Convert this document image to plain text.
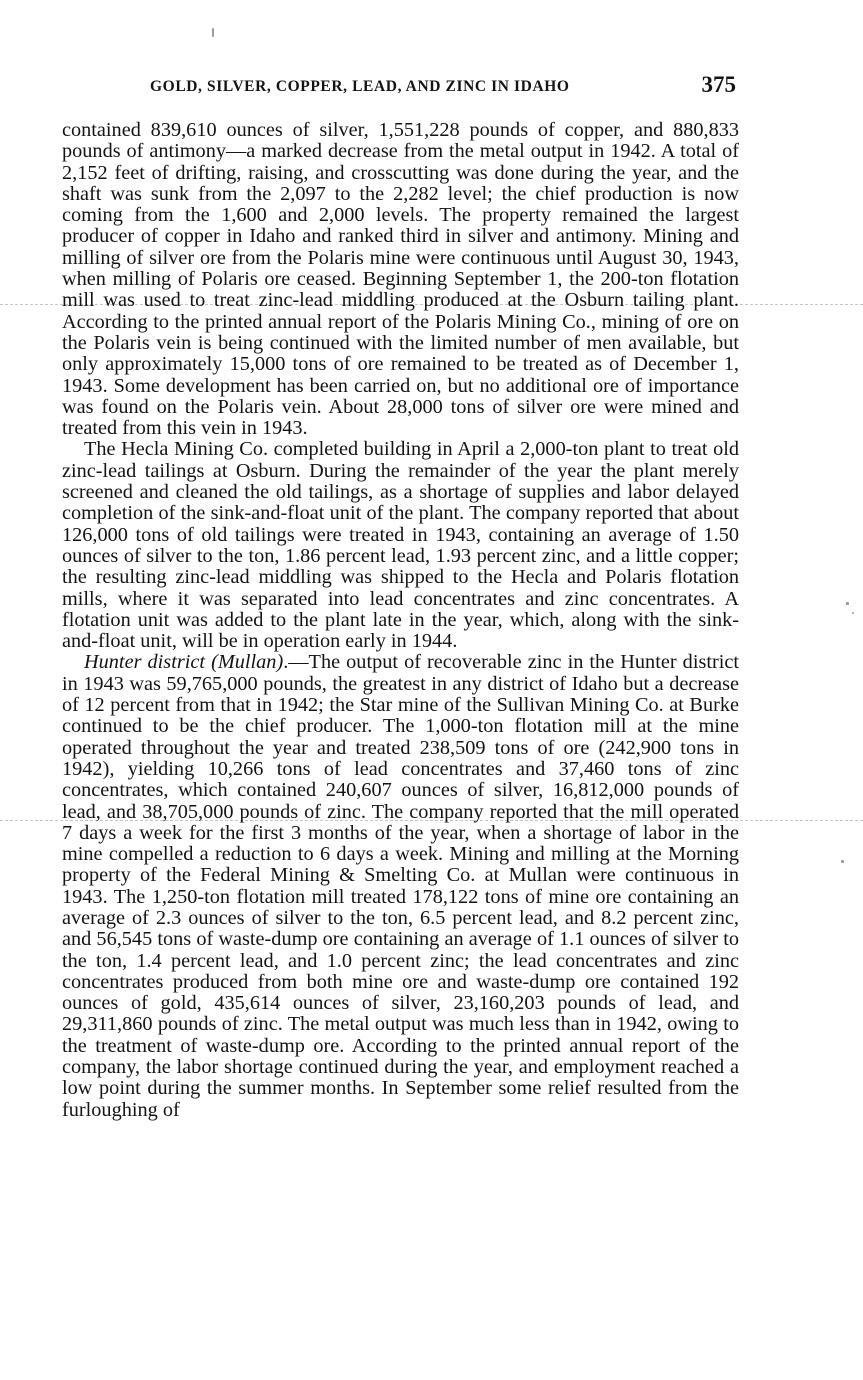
GOLD, SILVER, COPPER, LEAD, AND ZINC IN IDAHO	375

contained 839,610 ounces of silver, 1,551,228 pounds of copper, and 880,833 pounds of antimony—a marked decrease from the metal output in 1942. A total of 2,152 feet of drifting, raising, and crosscutting was done during the year, and the shaft was sunk from the 2,097 to the 2,282 level; the chief production is now coming from the 1,600 and 2,000 levels. The property remained the largest producer of copper in Idaho and ranked third in silver and antimony. Mining and milling of silver ore from the Polaris mine were continuous until August 30, 1943, when milling of Polaris ore ceased. Beginning September 1, the 200-ton flotation mill was used to treat zinc-lead middling produced at the Osburn tailing plant. According to the printed annual report of the Polaris Mining Co., mining of ore on the Polaris vein is being continued with the limited number of men available, but only approximately 15,000 tons of ore remained to be treated as of December 1, 1943. Some development has been carried on, but no additional ore of importance was found on the Polaris vein. About 28,000 tons of silver ore were mined and treated from this vein in 1943.

The Hecla Mining Co. completed building in April a 2,000-ton plant to treat old zinc-lead tailings at Osburn. During the remainder of the year the plant merely screened and cleaned the old tailings, as a shortage of supplies and labor delayed completion of the sink-and-float unit of the plant. The company reported that about 126,000 tons of old tailings were treated in 1943, containing an average of 1.50 ounces of silver to the ton, 1.86 percent lead, 1.93 percent zinc, and a little copper; the resulting zinc-lead middling was shipped to the Hecla and Polaris flotation mills, where it was separated into lead concentrates and zinc concentrates. A flotation unit was added to the plant late in the year, which, along with the sink-and-float unit, will be in operation early in 1944.

Hunter district (Mullan).—The output of recoverable zinc in the Hunter district in 1943 was 59,765,000 pounds, the greatest in any district of Idaho but a decrease of 12 percent from that in 1942; the Star mine of the Sullivan Mining Co. at Burke continued to be the chief producer. The 1,000-ton flotation mill at the mine operated throughout the year and treated 238,509 tons of ore (242,900 tons in 1942), yielding 10,266 tons of lead concentrates and 37,460 tons of zinc concentrates, which contained 240,607 ounces of silver, 16,812,000 pounds of lead, and 38,705,000 pounds of zinc. The company reported that the mill operated 7 days a week for the first 3 months of the year, when a shortage of labor in the mine compelled a reduction to 6 days a week. Mining and milling at the Morning property of the Federal Mining & Smelting Co. at Mullan were continuous in 1943. The 1,250-ton flotation mill treated 178,122 tons of mine ore containing an average of 2.3 ounces of silver to the ton, 6.5 percent lead, and 8.2 percent zinc, and 56,545 tons of waste-dump ore containing an average of 1.1 ounces of silver to the ton, 1.4 percent lead, and 1.0 percent zinc; the lead concentrates and zinc concentrates produced from both mine ore and waste-dump ore contained 192 ounces of gold, 435,614 ounces of silver, 23,160,203 pounds of lead, and 29,311,860 pounds of zinc. The metal output was much less than in 1942, owing to the treatment of waste-dump ore. According to the printed annual report of the company, the labor shortage continued during the year, and employment reached a low point during the summer months. In September some relief resulted from the furloughing of
